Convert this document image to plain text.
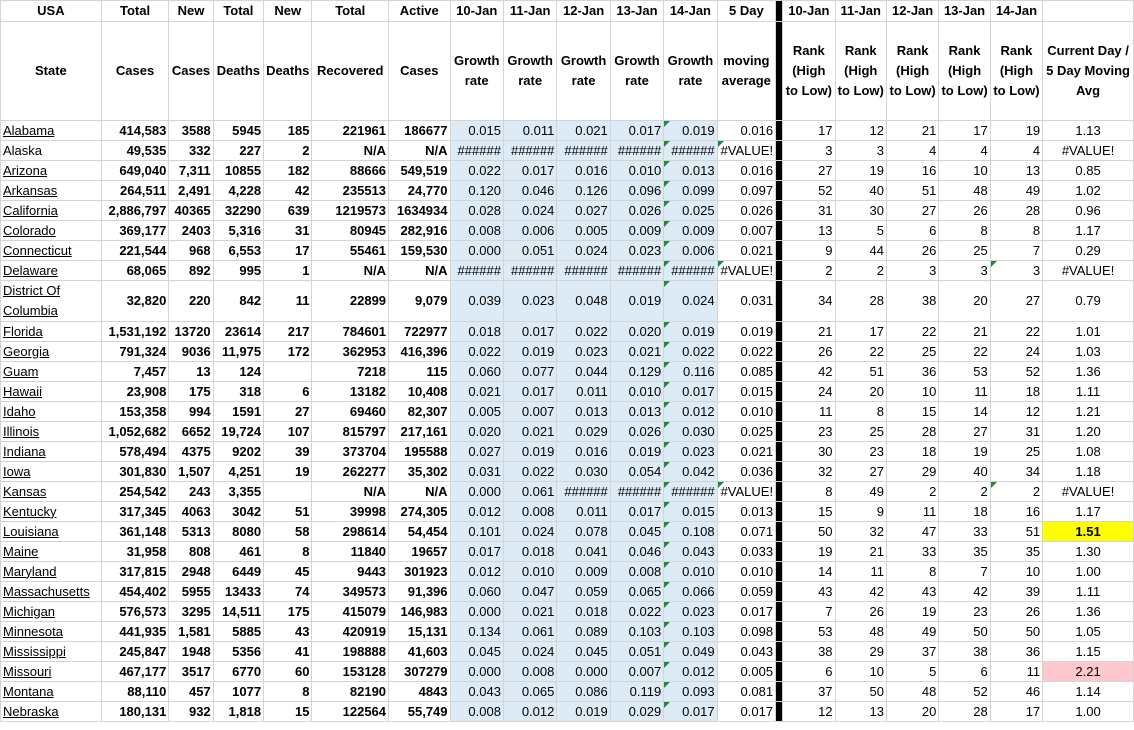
USA	Total	New	Total	New	Total	Active	10-Jan	11-Jan	12-Jan	13-Jan	14-Jan	5 Day		10-Jan	11-Jan	12-Jan	13-Jan	14-Jan	
State	Cases	Cases	Deaths	Deaths	Recovered	Cases	Growth rate	Growth rate	Growth rate	Growth rate	Growth rate	moving average		Rank (High to Low)	Rank (High to Low)	Rank (High to Low)	Rank (High to Low)	Rank (High to Low)	Current Day / 5 Day Moving Avg
Alabama	414,583	3588	5945	185	221961	186677	0.015	0.011	0.021	0.017	0.019	0.016		17	12	21	17	19	1.13
Alaska	49,535	332	227	2	N/A	N/A	######	######	######	######	######	#VALUE!		3	3	4	4	4	#VALUE!
Arizona	649,040	7,311	10855	182	88666	549,519	0.022	0.017	0.016	0.010	0.013	0.016		27	19	16	10	13	0.85
Arkansas	264,511	2,491	4,228	42	235513	24,770	0.120	0.046	0.126	0.096	0.099	0.097		52	40	51	48	49	1.02
California	2,886,797	40365	32290	639	1219573	1634934	0.028	0.024	0.027	0.026	0.025	0.026		31	30	27	26	28	0.96
Colorado	369,177	2403	5,316	31	80945	282,916	0.008	0.006	0.005	0.009	0.009	0.007		13	5	6	8	8	1.17
Connecticut	221,544	968	6,553	17	55461	159,530	0.000	0.051	0.024	0.023	0.006	0.021		9	44	26	25	7	0.29
Delaware	68,065	892	995	1	N/A	N/A	######	######	######	######	######	#VALUE!		2	2	3	3	3	#VALUE!
District Of Columbia	32,820	220	842	11	22899	9,079	0.039	0.023	0.048	0.019	0.024	0.031		34	28	38	20	27	0.79
Florida	1,531,192	13720	23614	217	784601	722977	0.018	0.017	0.022	0.020	0.019	0.019		21	17	22	21	22	1.01
Georgia	791,324	9036	11,975	172	362953	416,396	0.022	0.019	0.023	0.021	0.022	0.022		26	22	25	22	24	1.03
Guam	7,457	13	124		7218	115	0.060	0.077	0.044	0.129	0.116	0.085		42	51	36	53	52	1.36
Hawaii	23,908	175	318	6	13182	10,408	0.021	0.017	0.011	0.010	0.017	0.015		24	20	10	11	18	1.11
Idaho	153,358	994	1591	27	69460	82,307	0.005	0.007	0.013	0.013	0.012	0.010		11	8	15	14	12	1.21
Illinois	1,052,682	6652	19,724	107	815797	217,161	0.020	0.021	0.029	0.026	0.030	0.025		23	25	28	27	31	1.20
Indiana	578,494	4375	9202	39	373704	195588	0.027	0.019	0.016	0.019	0.023	0.021		30	23	18	19	25	1.08
Iowa	301,830	1,507	4,251	19	262277	35,302	0.031	0.022	0.030	0.054	0.042	0.036		32	27	29	40	34	1.18
Kansas	254,542	243	3,355		N/A	N/A	0.000	0.061	######	######	######	#VALUE!		8	49	2	2	2	#VALUE!
Kentucky	317,345	4063	3042	51	39998	274,305	0.012	0.008	0.011	0.017	0.015	0.013		15	9	11	18	16	1.17
Louisiana	361,148	5313	8080	58	298614	54,454	0.101	0.024	0.078	0.045	0.108	0.071		50	32	47	33	51	1.51
Maine	31,958	808	461	8	11840	19657	0.017	0.018	0.041	0.046	0.043	0.033		19	21	33	35	35	1.30
Maryland	317,815	2948	6449	45	9443	301923	0.012	0.010	0.009	0.008	0.010	0.010		14	11	8	7	10	1.00
Massachusetts	454,402	5955	13433	74	349573	91,396	0.060	0.047	0.059	0.065	0.066	0.059		43	42	43	42	39	1.11
Michigan	576,573	3295	14,511	175	415079	146,983	0.000	0.021	0.018	0.022	0.023	0.017		7	26	19	23	26	1.36
Minnesota	441,935	1,581	5885	43	420919	15,131	0.134	0.061	0.089	0.103	0.103	0.098		53	48	49	50	50	1.05
Mississippi	245,847	1948	5356	41	198888	41,603	0.045	0.024	0.045	0.051	0.049	0.043		38	29	37	38	36	1.15
Missouri	467,177	3517	6770	60	153128	307279	0.000	0.008	0.000	0.007	0.012	0.005		6	10	5	6	11	2.21
Montana	88,110	457	1077	8	82190	4843	0.043	0.065	0.086	0.119	0.093	0.081		37	50	48	52	46	1.14
Nebraska	180,131	932	1,818	15	122564	55,749	0.008	0.012	0.019	0.029	0.017	0.017		12	13	20	28	17	1.00
